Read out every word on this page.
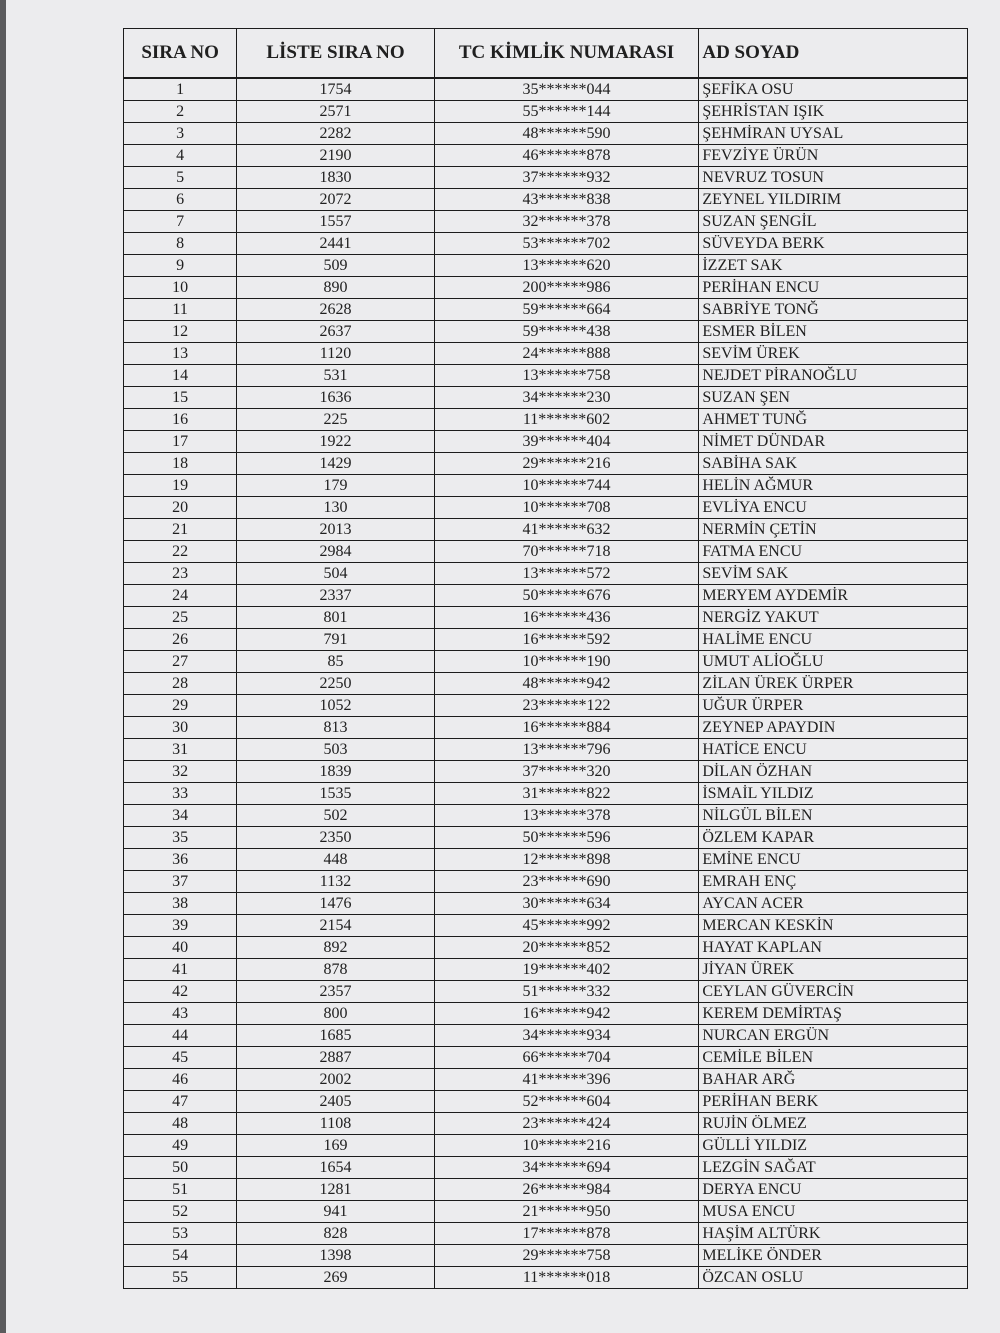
SIRA NO	LİSTE SIRA NO	TC KİMLİK NUMARASI	AD SOYAD
1	1754	35******044	ŞEFİKA OSU
2	2571	55******144	ŞEHRİSTAN IŞIK
3	2282	48******590	ŞEHMİRAN UYSAL
4	2190	46******878	FEVZİYE ÜRÜN
5	1830	37******932	NEVRUZ TOSUN
6	2072	43******838	ZEYNEL YILDIRIM
7	1557	32******378	SUZAN ŞENGİL
8	2441	53******702	SÜVEYDA BERK
9	509	13******620	İZZET SAK
10	890	200*****986	PERİHAN ENCU
11	2628	59******664	SABRİYE TONĞ
12	2637	59******438	ESMER BİLEN
13	1120	24******888	SEVİM ÜREK
14	531	13******758	NEJDET PİRANOĞLU
15	1636	34******230	SUZAN ŞEN
16	225	11******602	AHMET TUNĞ
17	1922	39******404	NİMET DÜNDAR
18	1429	29******216	SABİHA SAK
19	179	10******744	HELİN AĞMUR
20	130	10******708	EVLİYA ENCU
21	2013	41******632	NERMİN ÇETİN
22	2984	70******718	FATMA ENCU
23	504	13******572	SEVİM SAK
24	2337	50******676	MERYEM AYDEMİR
25	801	16******436	NERGİZ YAKUT
26	791	16******592	HALİME ENCU
27	85	10******190	UMUT ALİOĞLU
28	2250	48******942	ZİLAN ÜREK ÜRPER
29	1052	23******122	UĞUR ÜRPER
30	813	16******884	ZEYNEP APAYDIN
31	503	13******796	HATİCE ENCU
32	1839	37******320	DİLAN ÖZHAN
33	1535	31******822	İSMAİL YILDIZ
34	502	13******378	NİLGÜL BİLEN
35	2350	50******596	ÖZLEM KAPAR
36	448	12******898	EMİNE ENCU
37	1132	23******690	EMRAH ENÇ
38	1476	30******634	AYCAN ACER
39	2154	45******992	MERCAN KESKİN
40	892	20******852	HAYAT KAPLAN
41	878	19******402	JİYAN ÜREK
42	2357	51******332	CEYLAN GÜVERCİN
43	800	16******942	KEREM DEMİRTAŞ
44	1685	34******934	NURCAN ERGÜN
45	2887	66******704	CEMİLE BİLEN
46	2002	41******396	BAHAR ARĞ
47	2405	52******604	PERİHAN BERK
48	1108	23******424	RUJİN ÖLMEZ
49	169	10******216	GÜLLİ YILDIZ
50	1654	34******694	LEZGİN SAĞAT
51	1281	26******984	DERYA ENCU
52	941	21******950	MUSA ENCU
53	828	17******878	HAŞİM ALTÜRK
54	1398	29******758	MELİKE ÖNDER
55	269	11******018	ÖZCAN OSLU
